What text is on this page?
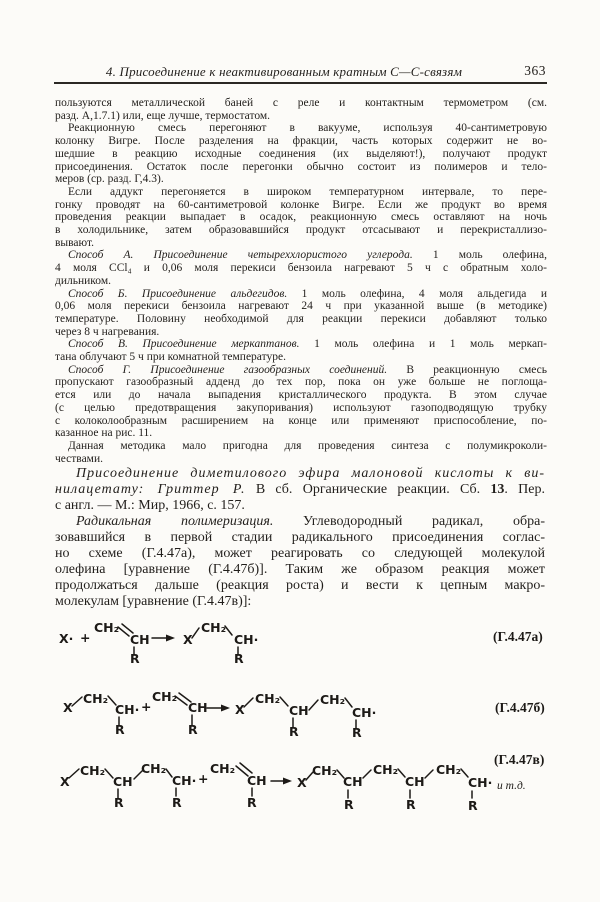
4. Присоединение к неактивированным кратным С—С-связям	363
пользуются металлической баней с реле и контактным термометром (см.
разд. А,1.7.1) или, еще лучше, термостатом.
Реакционную смесь перегоняют в вакууме, используя 40-сантиметровую
колонку Вигре. После разделения на фракции, часть которых содержит не во-
шедшие в реакцию исходные соединения (их выделяют!), получают продукт
присоединения. Остаток после перегонки обычно состоит из полимеров и тело-
меров (ср. разд. Г,4.3).
Если аддукт перегоняется в широком температурном интервале, то пере-
гонку проводят на 60-сантиметровой колонке Вигре. Если же продукт во время
проведения реакции выпадает в осадок, реакционную смесь оставляют на ночь
в холодильнике, затем образовавшийся продукт отсасывают и перекристаллизо-
вывают.
Способ А. Присоединение четыреххлористого углерода. 1 моль олефина,
4 моля CCl₄ и 0,06 моля перекиси бензоила нагревают 5 ч с обратным холо-
дильником.
Способ Б. Присоединение альдегидов. 1 моль олефина, 4 моля альдегида и
0,06 моля перекиси бензоила нагревают 24 ч при указанной выше (в методике)
температуре. Половину необходимой для реакции перекиси добавляют только
через 8 ч нагревания.
Способ В. Присоединение меркаптанов. 1 моль олефина и 1 моль меркап-
тана облучают 5 ч при комнатной температуре.
Способ Г. Присоединение газообразных соединений. В реакционную смесь
пропускают газообразный адденд до тех пор, пока он уже больше не поглоща-
ется или до начала выпадения кристаллического продукта. В этом случае
(с целью предотвращения закупоривания) используют газоподводящую трубку
с колоколообразным расширением на конце или применяют приспособление, по-
казанное на рис. 11.
Данная методика мало пригодна для проведения синтеза с полумикроколи-
чествами.
Присоединение диметилового эфира малоновой кислоты к ви-
нилацетату: Гриттер Р. В сб. Органические реакции. Сб. 13. Пер.
с англ. — М.: Мир, 1966, с. 157.
Радикальная полимеризация. Углеводородный радикал, обра-
зовавшийся в первой стадии радикального присоединения соглас-
но схеме (Г.4.47а), может реагировать со следующей молекулой
олефина [уравнение (Г.4.47б)]. Таким же образом реакция может
продолжаться дальше (реакция роста) и вести к цепным макро-
молекулам [уравнение (Г.4.47в)]:
X· +
CH₂
CH
R
X
CH₂
CH·
R
(Г.4.47а)
X
CH₂
CH·
R
+
CH₂
CH
R
X
CH₂
CH
R
CH₂
CH·
R
(Г.4.47б)
(Г.4.47в)
X
CH₂
CH
R
CH₂
CH·
R
+
CH₂
CH
R
X
CH₂
CH
R
CH₂
CH
R
CH₂
CH·
R
и т.д.
